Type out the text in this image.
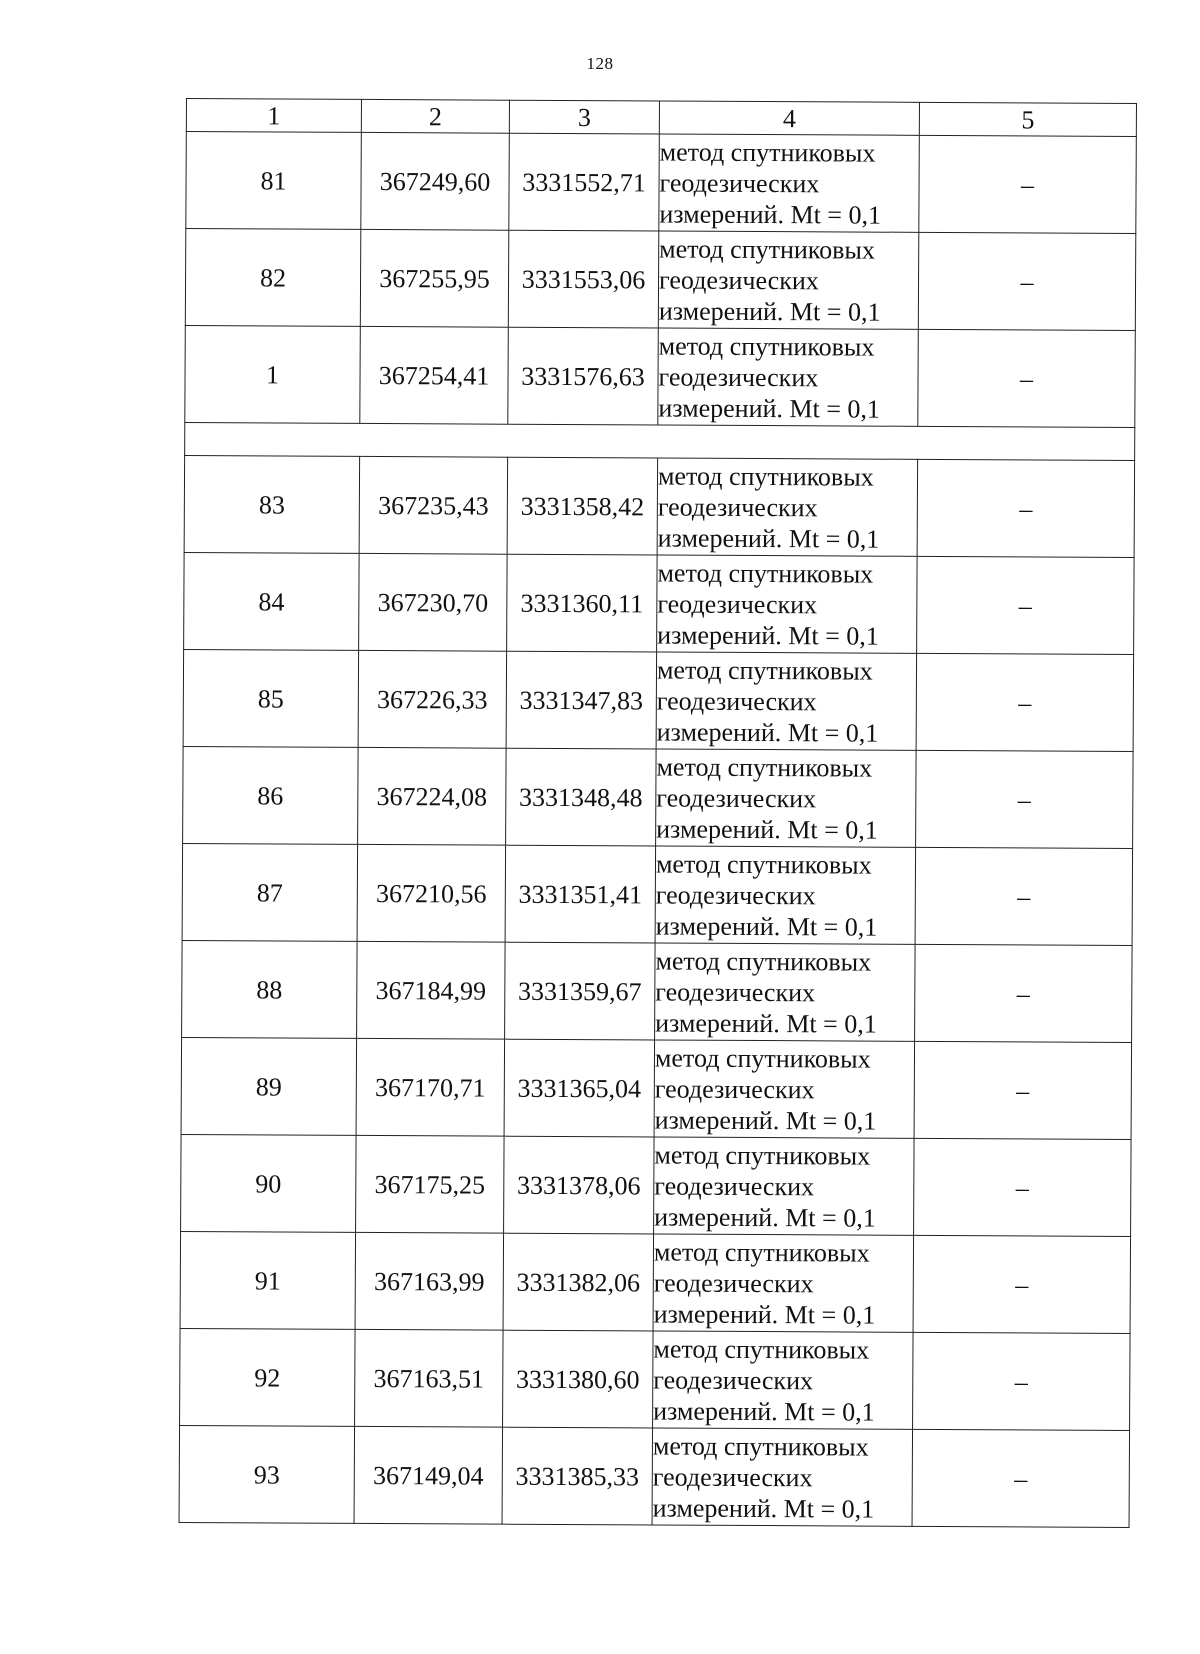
128
1	2	3	4	5
81	367249,60	3331552,71	метод спутниковых
геодезических
измерений. Mt = 0,1	–
82	367255,95	3331553,06	метод спутниковых
геодезических
измерений. Mt = 0,1	–
1	367254,41	3331576,63	метод спутниковых
геодезических
измерений. Mt = 0,1	–

83	367235,43	3331358,42	метод спутниковых
геодезических
измерений. Mt = 0,1	–
84	367230,70	3331360,11	метод спутниковых
геодезических
измерений. Mt = 0,1	–
85	367226,33	3331347,83	метод спутниковых
геодезических
измерений. Mt = 0,1	–
86	367224,08	3331348,48	метод спутниковых
геодезических
измерений. Mt = 0,1	–
87	367210,56	3331351,41	метод спутниковых
геодезических
измерений. Mt = 0,1	–
88	367184,99	3331359,67	метод спутниковых
геодезических
измерений. Mt = 0,1	–
89	367170,71	3331365,04	метод спутниковых
геодезических
измерений. Mt = 0,1	–
90	367175,25	3331378,06	метод спутниковых
геодезических
измерений. Mt = 0,1	–
91	367163,99	3331382,06	метод спутниковых
геодезических
измерений. Mt = 0,1	–
92	367163,51	3331380,60	метод спутниковых
геодезических
измерений. Mt = 0,1	–
93	367149,04	3331385,33	метод спутниковых
геодезических
измерений. Mt = 0,1	–
